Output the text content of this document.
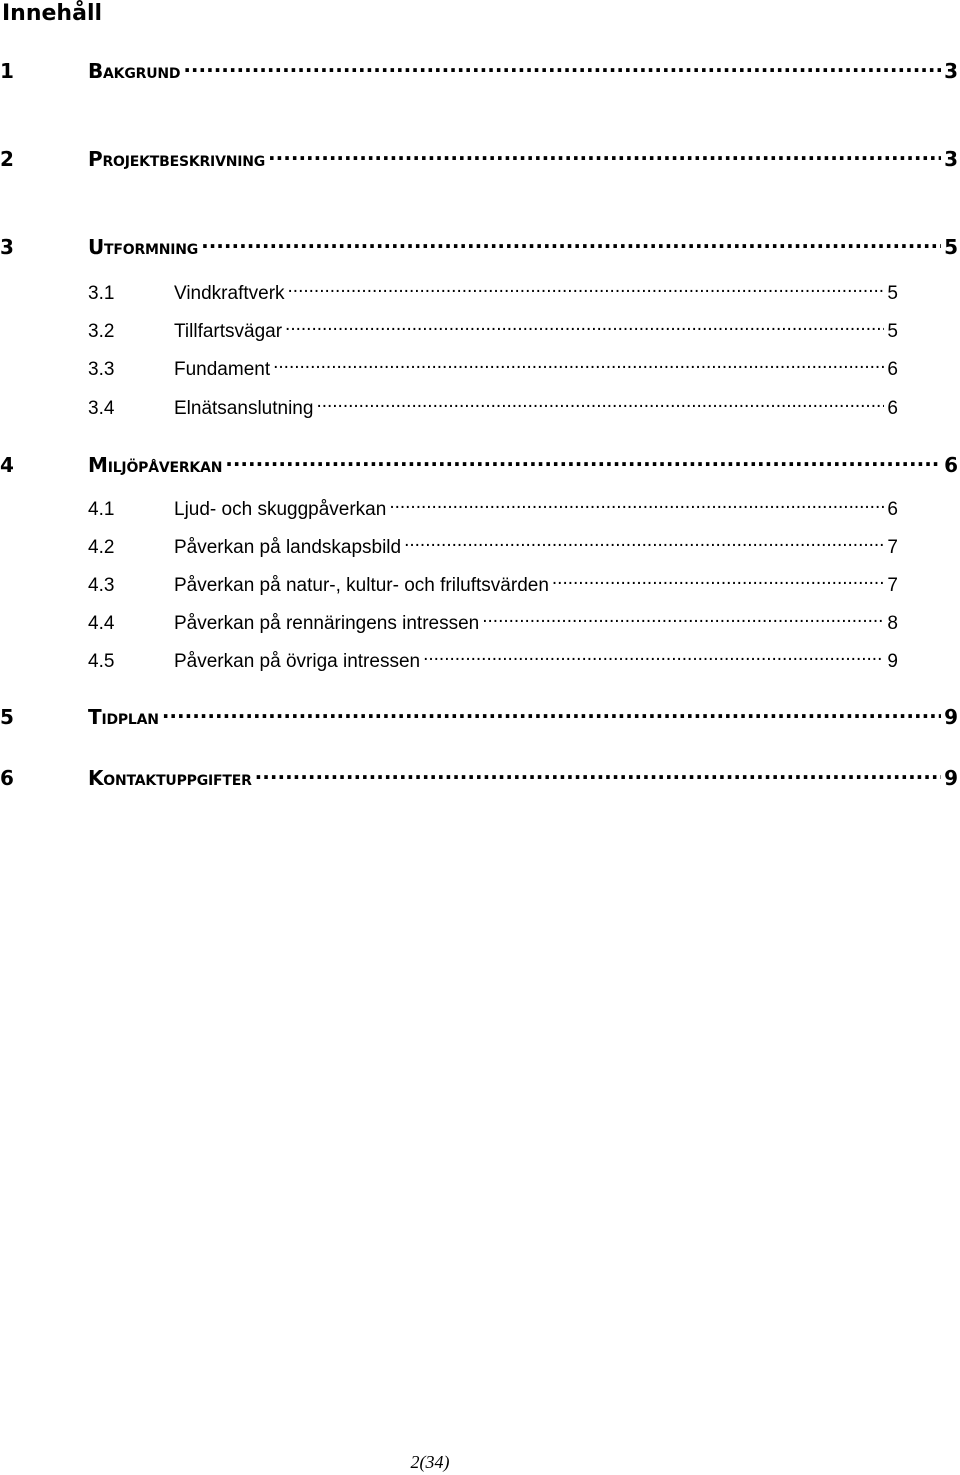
Innehåll
1	Bakgrund .....	3
2	Projektbeskrivning .....	3
3	Utformning .....	5
3.1	Vindkraftverk .....	5
3.2	Tillfartsvägar .....	5
3.3	Fundament .....	6
3.4	Elnätsanslutning .....	6
4	Miljöpåverkan .....	6
4.1	Ljud- och skuggpåverkan .....	6
4.2	Påverkan på landskapsbild .....	7
4.3	Påverkan på natur-, kultur- och friluftsvärden .....	7
4.4	Påverkan på rennäringens intressen .....	8
4.5	Påverkan på övriga intressen .....	9
5	Tidplan .....	9
6	Kontaktuppgifter .....	9
2(34)
